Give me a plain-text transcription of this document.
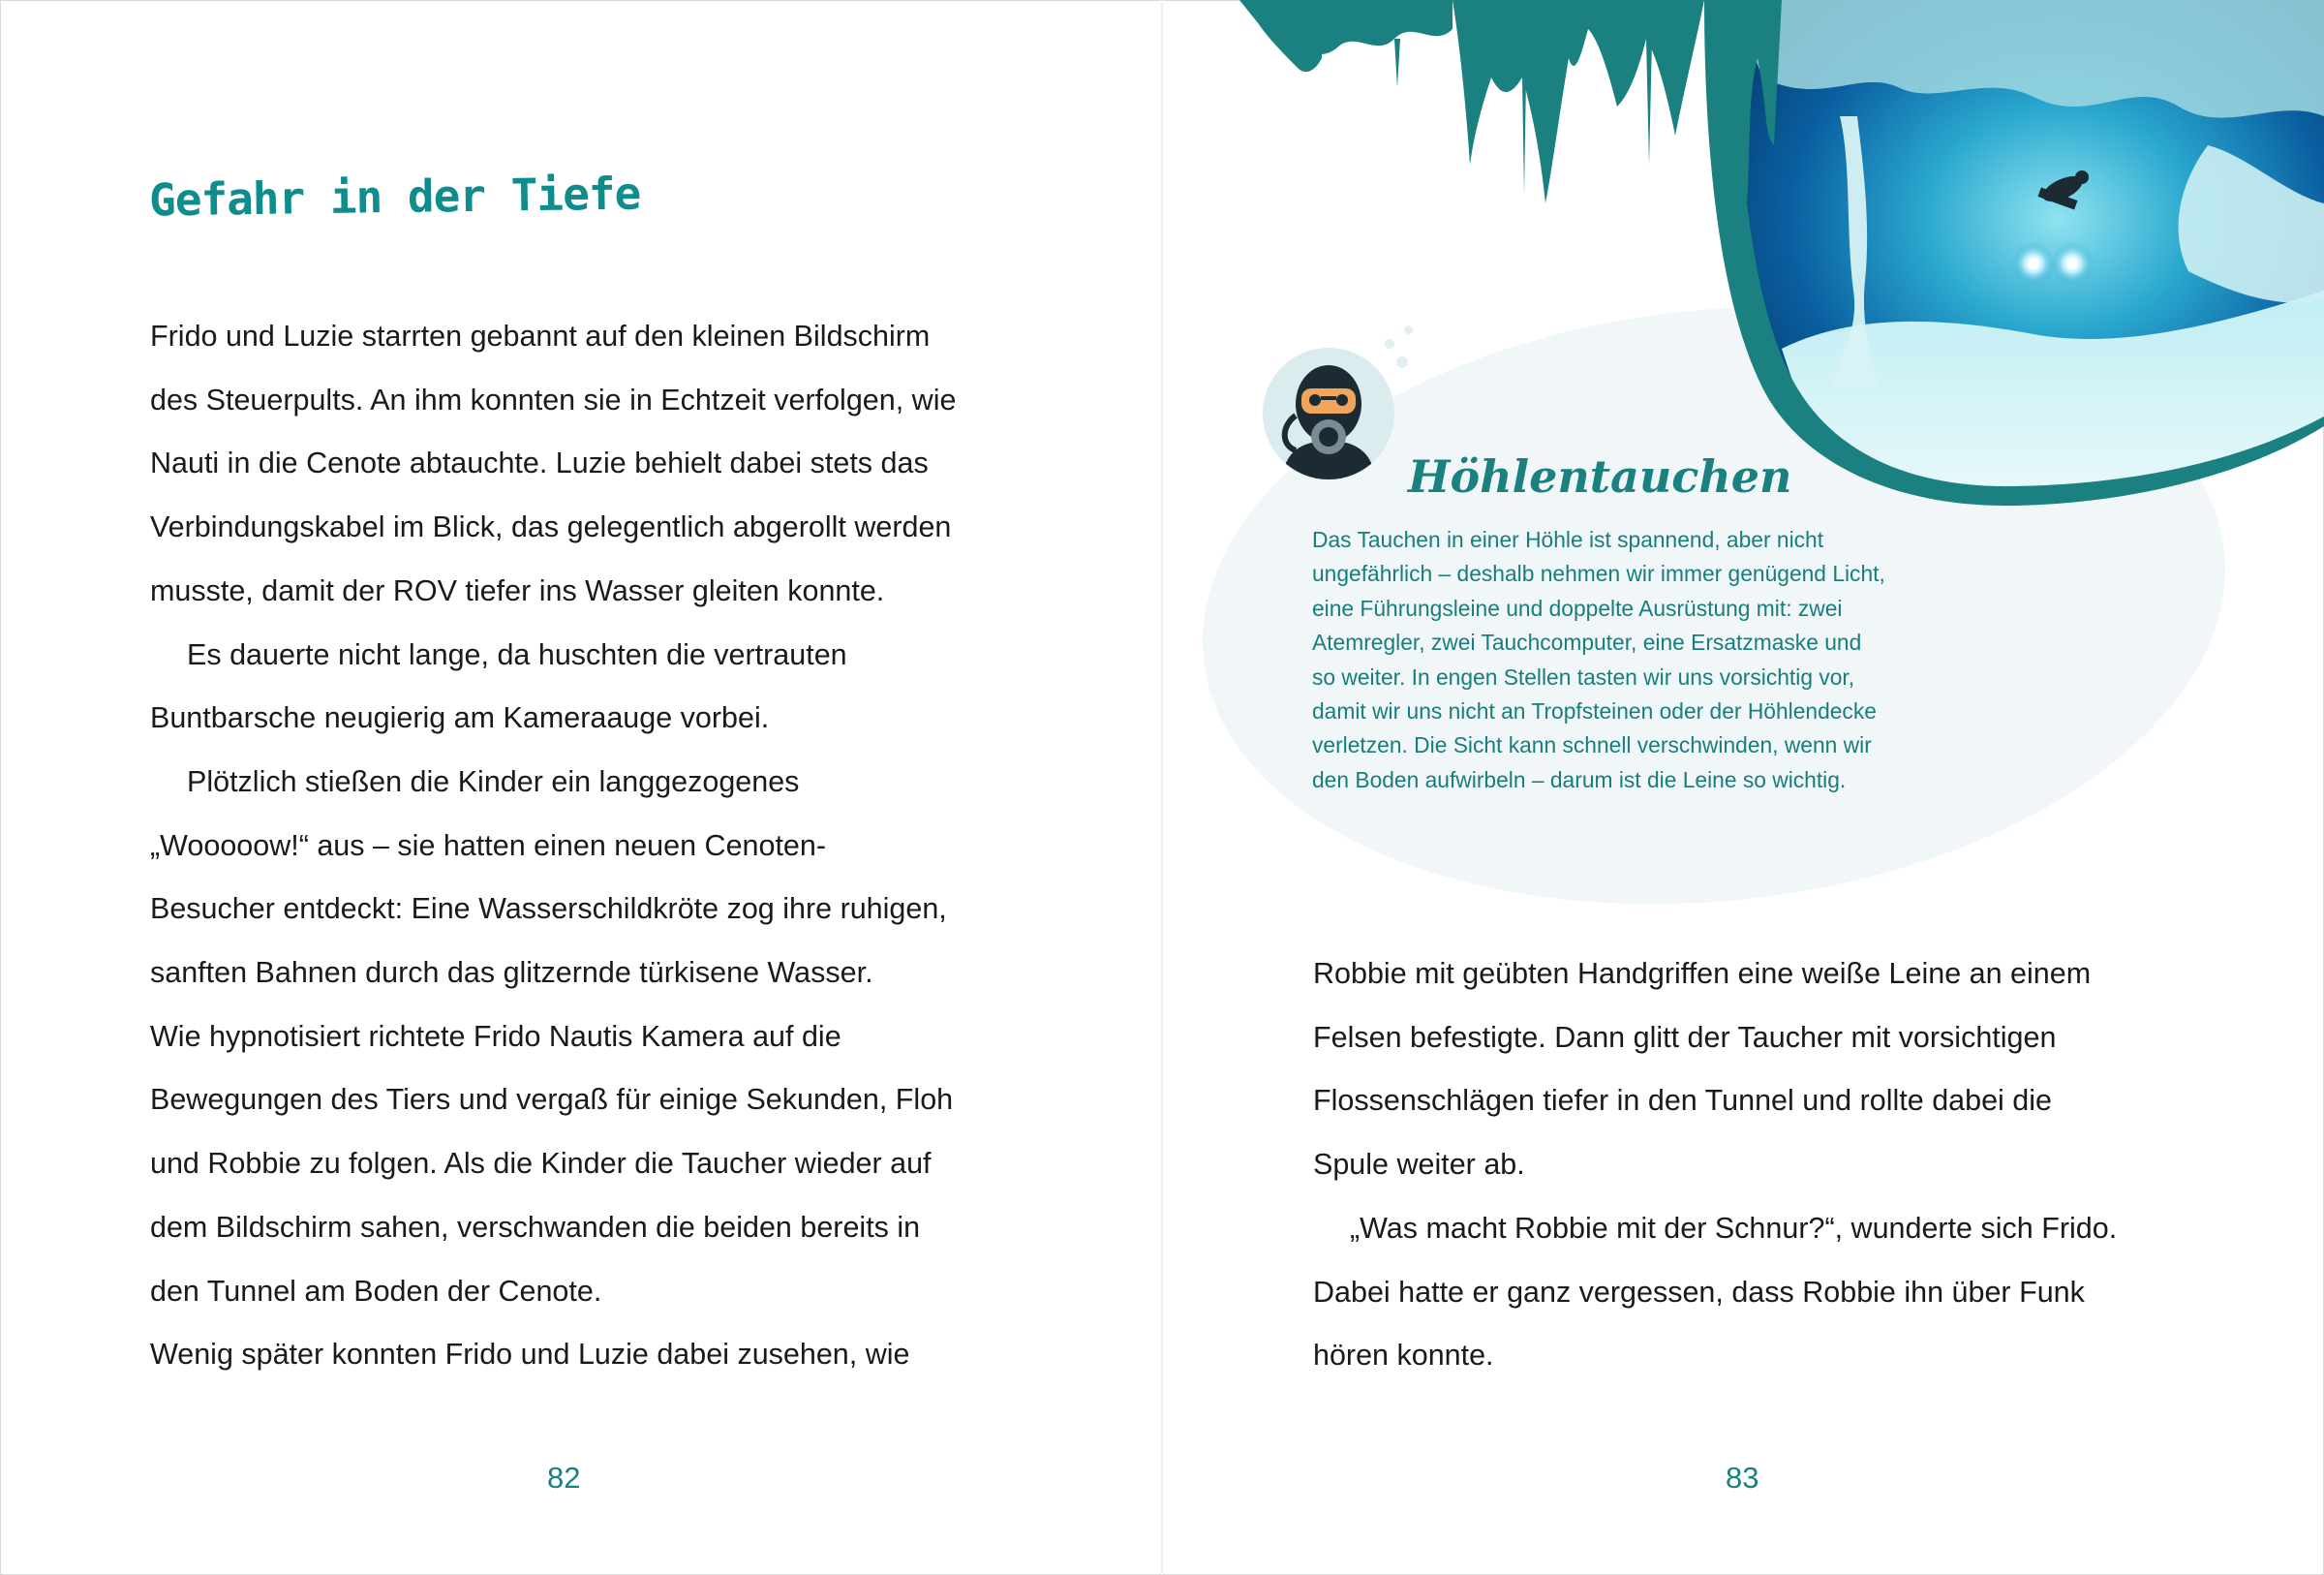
Gefahr in der Tiefe

Frido und Luzie starrten gebannt auf den kleinen Bildschirm
des Steuerpults. An ihm konnten sie in Echtzeit verfolgen, wie
Nauti in die Cenote abtauchte. Luzie behielt dabei stets das
Verbindungskabel im Blick, das gelegentlich abgerollt werden
musste, damit der ROV tiefer ins Wasser gleiten konnte.
Es dauerte nicht lange, da huschten die vertrauten
Buntbarsche neugierig am Kameraauge vorbei.
Plötzlich stießen die Kinder ein langgezogenes
„Wooooow!“ aus – sie hatten einen neuen Cenoten-
Besucher entdeckt: Eine Wasserschildkröte zog ihre ruhigen,
sanften Bahnen durch das glitzernde türkisene Wasser.
Wie hypnotisiert richtete Frido Nautis Kamera auf die
Bewegungen des Tiers und vergaß für einige Sekunden, Floh
und Robbie zu folgen. Als die Kinder die Taucher wieder auf
dem Bildschirm sahen, verschwanden die beiden bereits in
den Tunnel am Boden der Cenote.
Wenig später konnten Frido und Luzie dabei zusehen, wie

82
Höhlentauchen

Das Tauchen in einer Höhle ist spannend, aber nicht
ungefährlich – deshalb nehmen wir immer genügend Licht,
eine Führungsleine und doppelte Ausrüstung mit: zwei
Atemregler, zwei Tauchcomputer, eine Ersatzmaske und
so weiter. In engen Stellen tasten wir uns vorsichtig vor,
damit wir uns nicht an Tropfsteinen oder der Höhlendecke
verletzen. Die Sicht kann schnell verschwinden, wenn wir
den Boden aufwirbeln – darum ist die Leine so wichtig.

Robbie mit geübten Handgriffen eine weiße Leine an einem
Felsen befestigte. Dann glitt der Taucher mit vorsichtigen
Flossenschlägen tiefer in den Tunnel und rollte dabei die
Spule weiter ab.
„Was macht Robbie mit der Schnur?“, wunderte sich Frido.
Dabei hatte er ganz vergessen, dass Robbie ihn über Funk
hören konnte.

83
